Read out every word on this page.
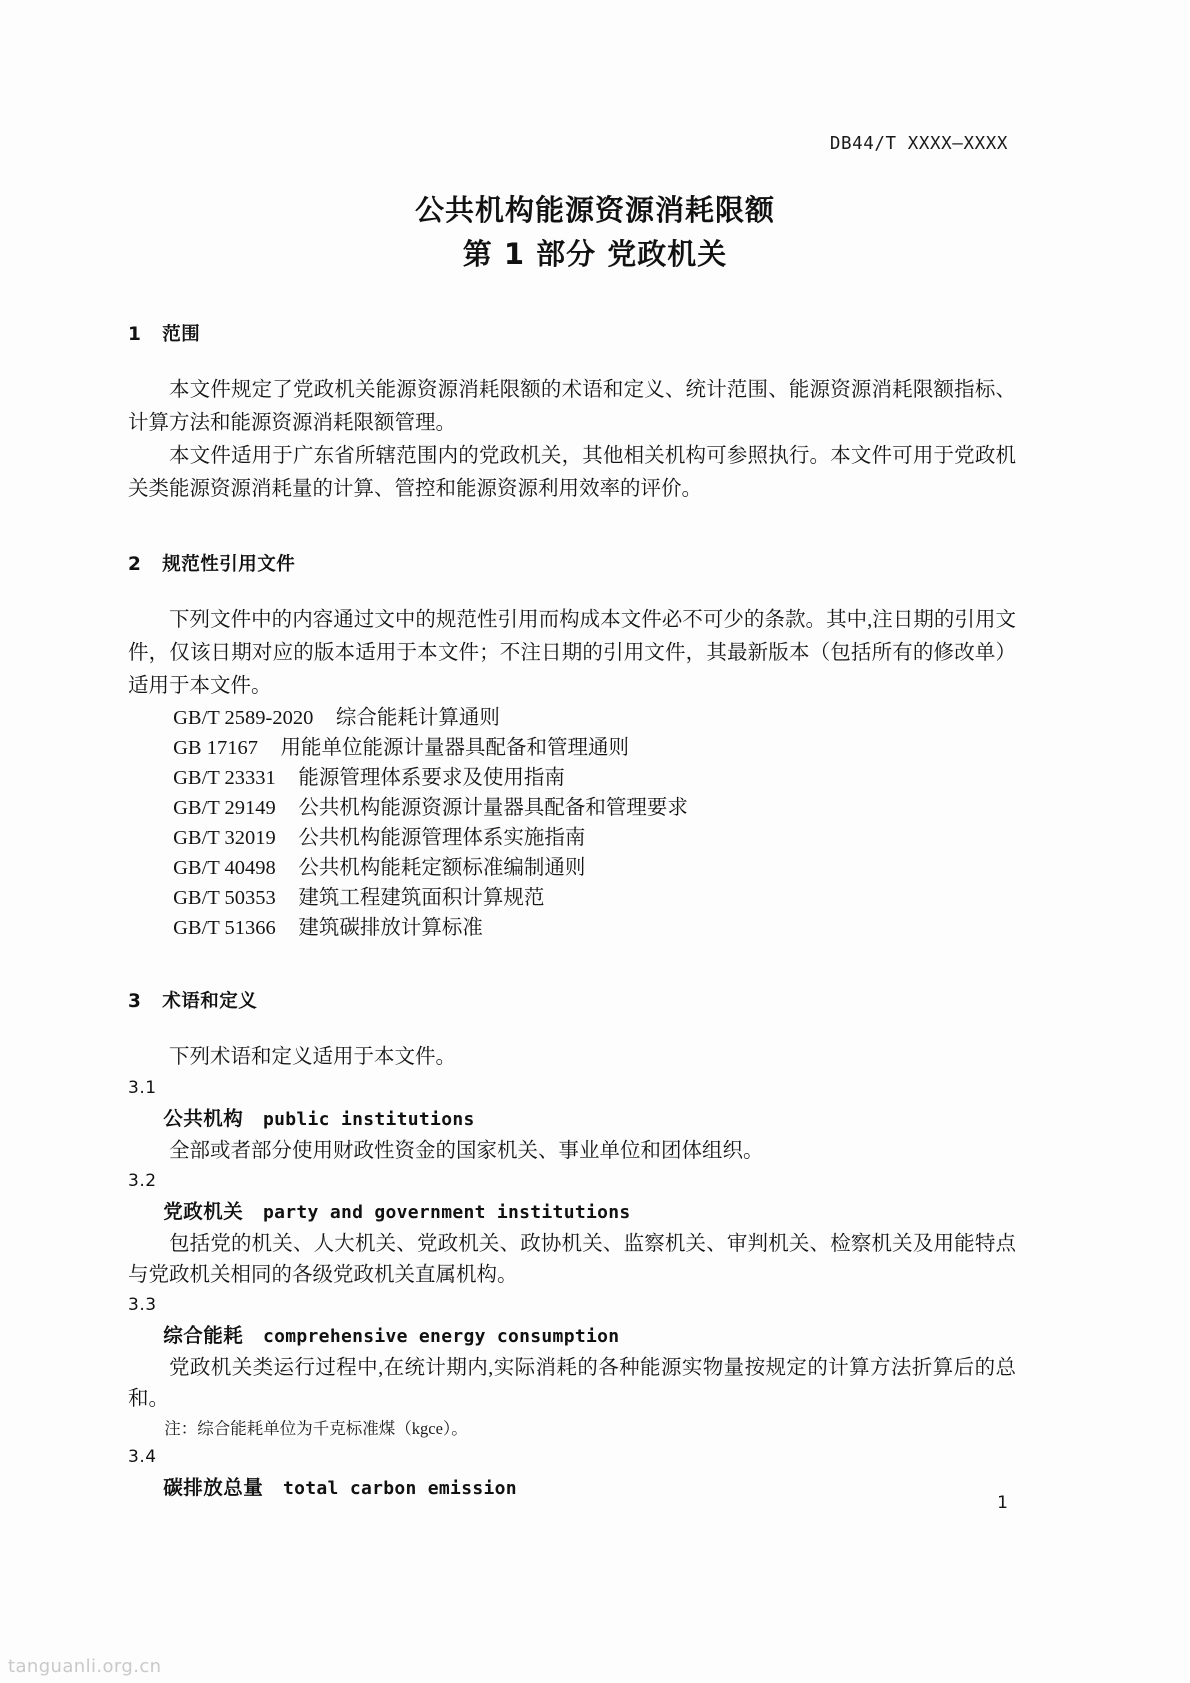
DB44/T XXXX—XXXX
公共机构能源资源消耗限额
第 1 部分 党政机关
1   范围

本文件规定了党政机关能源资源消耗限额的术语和定义、统计范围、能源资源消耗限额指标、计算方法和能源资源消耗限额管理。

本文件适用于广东省所辖范围内的党政机关，其他相关机构可参照执行。本文件可用于党政机关类能源资源消耗量的计算、管控和能源资源利用效率的评价。

2   规范性引用文件

下列文件中的内容通过文中的规范性引用而构成本文件必不可少的条款。其中,注日期的引用文件，仅该日期对应的版本适用于本文件；不注日期的引用文件，其最新版本（包括所有的修改单）适用于本文件。

GB/T 2589-2020 综合能耗计算通则
GB 17167 用能单位能源计量器具配备和管理通则
GB/T 23331 能源管理体系要求及使用指南
GB/T 29149 公共机构能源资源计量器具配备和管理要求
GB/T 32019 公共机构能源管理体系实施指南
GB/T 40498 公共机构能耗定额标准编制通则
GB/T 50353 建筑工程建筑面积计算规范
GB/T 51366 建筑碳排放计算标准
3   术语和定义

下列术语和定义适用于本文件。

3.1
公共机构 public institutions

全部或者部分使用财政性资金的国家机关、事业单位和团体组织。

3.2
党政机关 party and government institutions

包括党的机关、人大机关、党政机关、政协机关、监察机关、审判机关、检察机关及用能特点与党政机关相同的各级党政机关直属机构。

3.3
综合能耗 comprehensive energy consumption

党政机关类运行过程中,在统计期内,实际消耗的各种能源实物量按规定的计算方法折算后的总和。

注：综合能耗单位为千克标准煤（kgce）。

3.4
碳排放总量 total carbon emission
1
tanguanli.org.cn
